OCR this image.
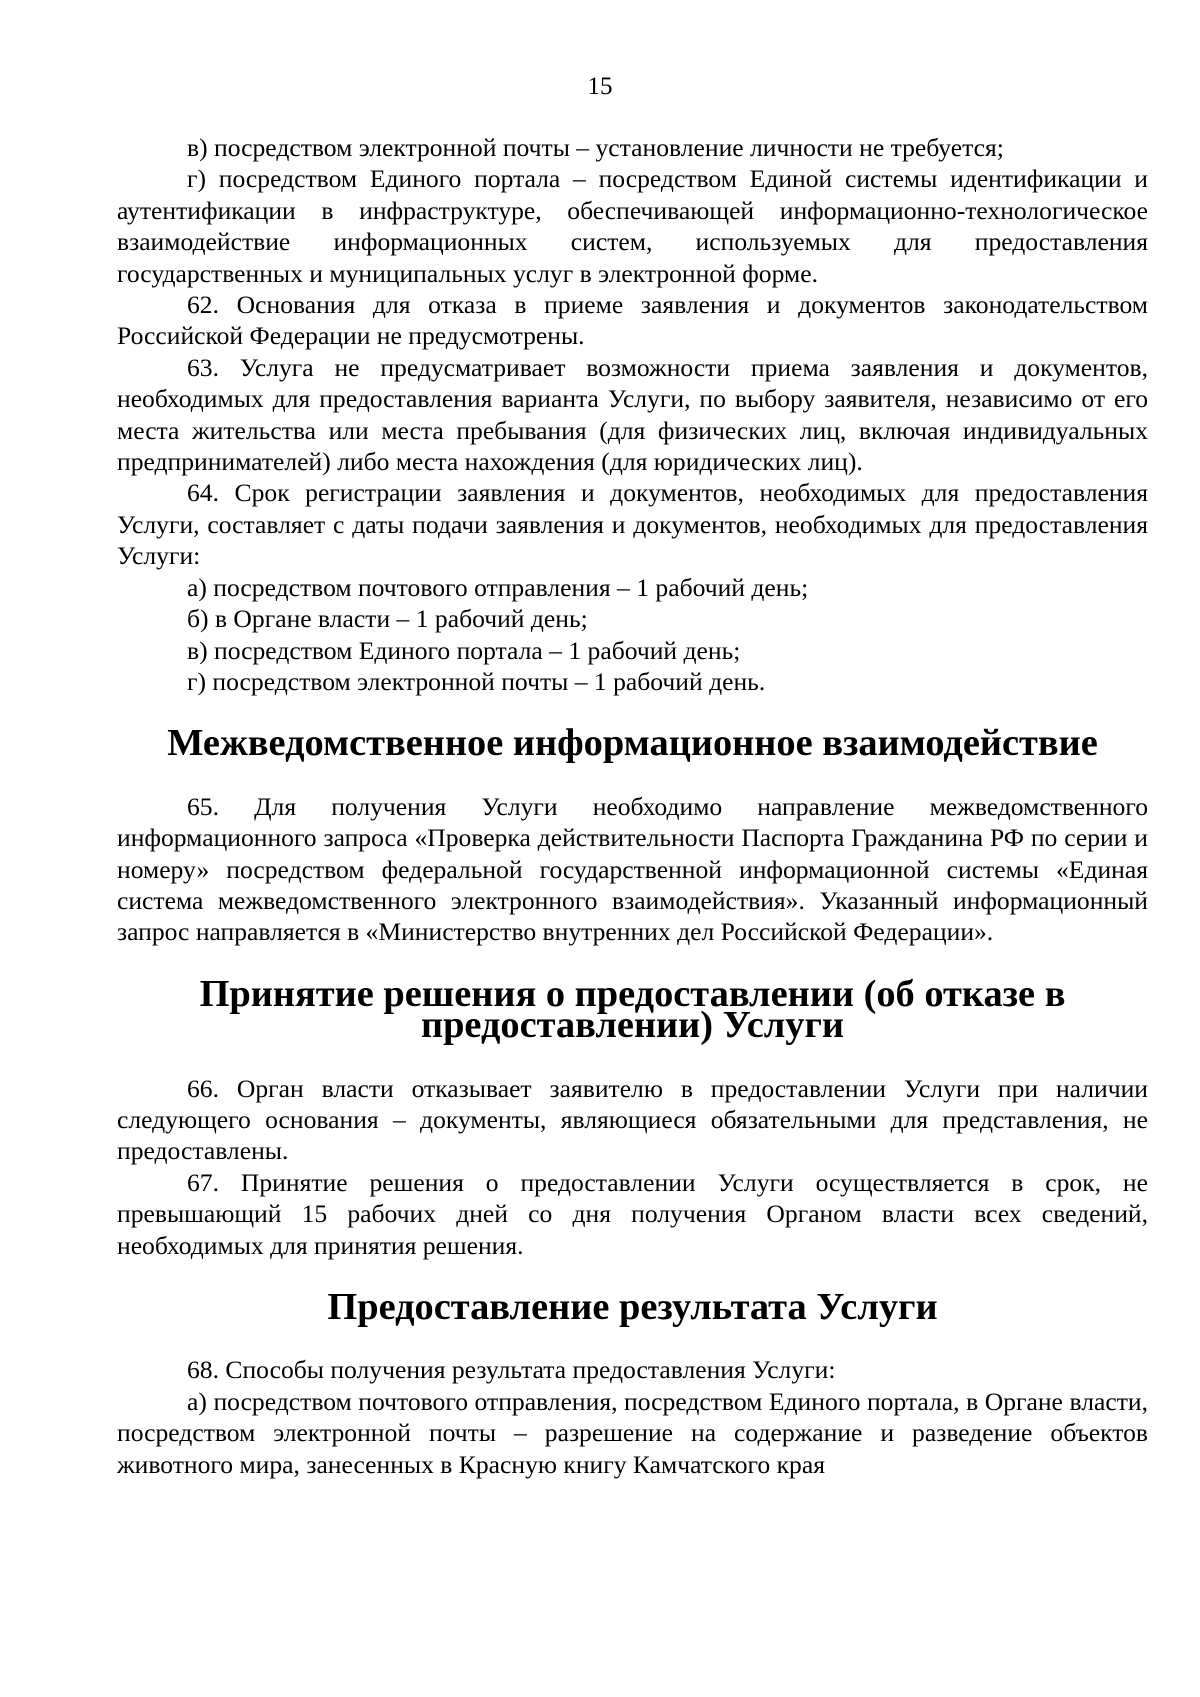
15

в) посредством электронной почты – установление личности не требуется;

г) посредством Единого портала – посредством Единой системы идентификации и аутентификации в инфраструктуре, обеспечивающей информационно-технологическое взаимодействие информационных систем, используемых для предоставления государственных и муниципальных услуг в электронной форме.

62. Основания для отказа в приеме заявления и документов законодательством Российской Федерации не предусмотрены.

63. Услуга не предусматривает возможности приема заявления и документов, необходимых для предоставления варианта Услуги, по выбору заявителя, независимо от его места жительства или места пребывания (для физических лиц, включая индивидуальных предпринимателей) либо места нахождения (для юридических лиц).

64. Срок регистрации заявления и документов, необходимых для предоставления Услуги, составляет с даты подачи заявления и документов, необходимых для предоставления Услуги:

а) посредством почтового отправления – 1 рабочий день;

б) в Органе власти – 1 рабочий день;

в) посредством Единого портала – 1 рабочий день;

г) посредством электронной почты – 1 рабочий день.

Межведомственное информационное взаимодействие

65. Для получения Услуги необходимо направление межведомственного информационного запроса «Проверка действительности Паспорта Гражданина РФ по серии и номеру» посредством федеральной государственной информационной системы «Единая система межведомственного электронного взаимодействия». Указанный информационный запрос направляется в «Министерство внутренних дел Российской Федерации».

Принятие решения о предоставлении (об отказе в предоставлении) Услуги

66. Орган власти отказывает заявителю в предоставлении Услуги при наличии следующего основания – документы, являющиеся обязательными для представления, не предоставлены.

67. Принятие решения о предоставлении Услуги осуществляется в срок, не превышающий 15 рабочих дней со дня получения Органом власти всех сведений, необходимых для принятия решения.

Предоставление результата Услуги

68. Способы получения результата предоставления Услуги:

а) посредством почтового отправления, посредством Единого портала, в Органе власти, посредством электронной почты – разрешение на содержание и разведение объектов животного мира, занесенных в Красную книгу Камчатского края
